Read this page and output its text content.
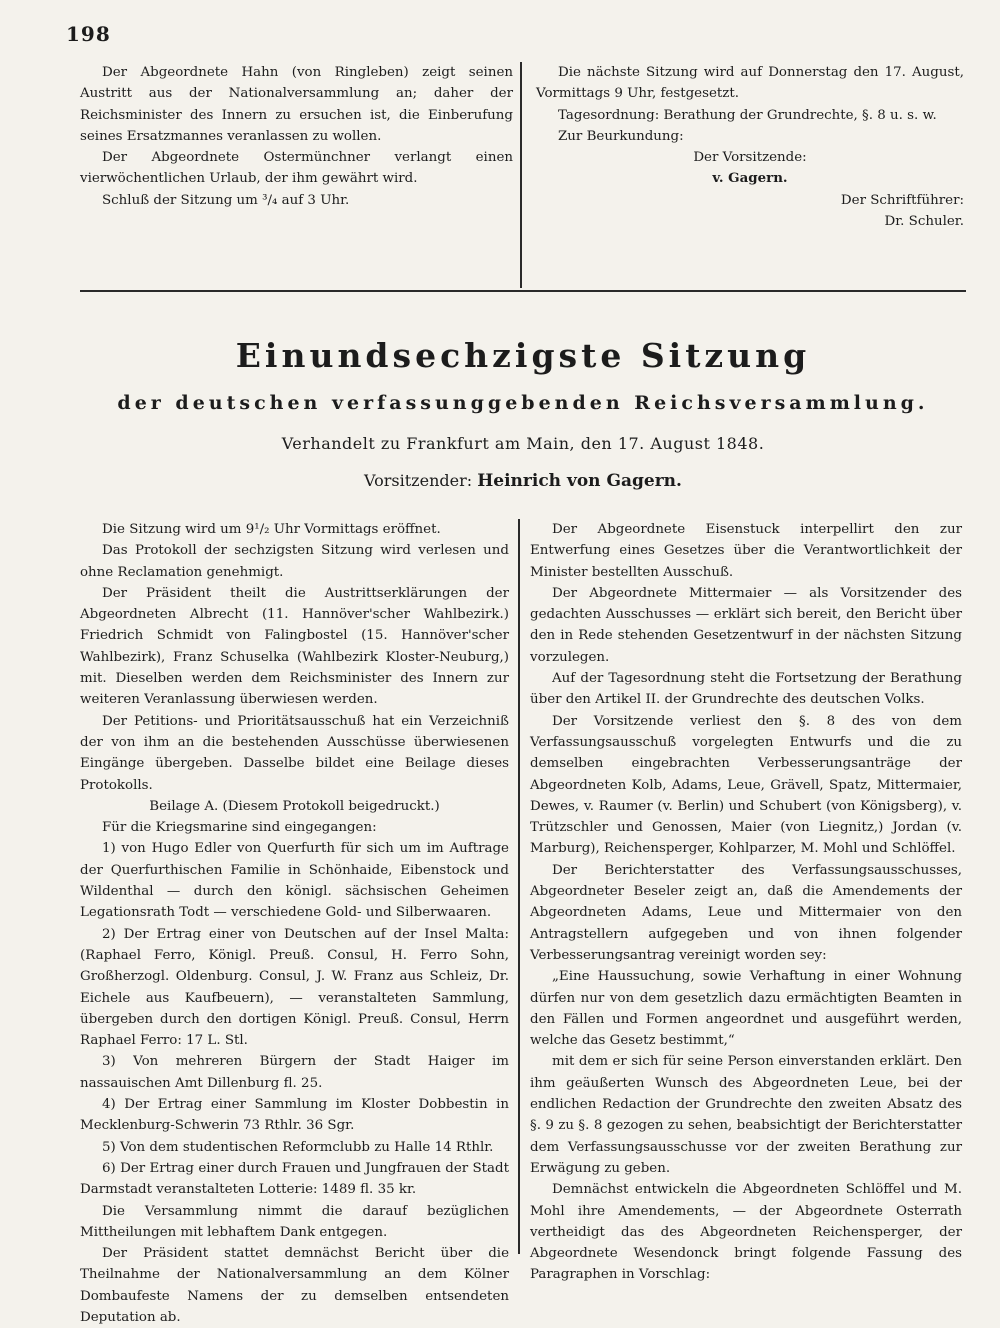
198

Der Abgeordnete Hahn (von Ringleben) zeigt seinen Austritt aus der Nationalversammlung an; daher der Reichsminister des Innern zu ersuchen ist, die Einberufung seines Ersatzmannes veranlassen zu wollen.

Der Abgeordnete Ostermünchner verlangt einen vierwöchentlichen Urlaub, der ihm gewährt wird.

Schluß der Sitzung um ³/₄ auf 3 Uhr.

Die nächste Sitzung wird auf Donnerstag den 17. August, Vormittags 9 Uhr, festgesetzt.

Tagesordnung: Berathung der Grundrechte, §. 8 u. s. w.

Zur Beurkundung:

Der Vorsitzende:

v. Gagern.

Der Schriftführer:

Dr. Schuler.

Einundsechzigste Sitzung
der deutschen verfassunggebenden Reichsversammlung.
Verhandelt zu Frankfurt am Main, den 17. August 1848.
Vorsitzender: Heinrich von Gagern.

Die Sitzung wird um 9¹/₂ Uhr Vormittags eröffnet.

Das Protokoll der sechzigsten Sitzung wird verlesen und ohne Reclamation genehmigt.

Der Präsident theilt die Austrittserklärungen der Abgeordneten Albrecht (11. Hannöver'scher Wahlbezirk.) Friedrich Schmidt von Falingbostel (15. Hannöver'scher Wahlbezirk), Franz Schuselka (Wahlbezirk Kloster-Neuburg,) mit. Dieselben werden dem Reichsminister des Innern zur weiteren Veranlassung überwiesen werden.

Der Petitions- und Prioritätsausschuß hat ein Verzeichniß der von ihm an die bestehenden Ausschüsse überwiesenen Eingänge übergeben. Dasselbe bildet eine Beilage dieses Protokolls.

Beilage A. (Diesem Protokoll beigedruckt.)

Für die Kriegsmarine sind eingegangen:

1) von Hugo Edler von Querfurth für sich um im Auftrage der Querfurthischen Familie in Schönhaide, Eibenstock und Wildenthal — durch den königl. sächsischen Geheimen Legationsrath Todt — verschiedene Gold- und Silberwaaren.

2) Der Ertrag einer von Deutschen auf der Insel Malta: (Raphael Ferro, Königl. Preuß. Consul, H. Ferro Sohn, Großherzogl. Oldenburg. Consul, J. W. Franz aus Schleiz, Dr. Eichele aus Kaufbeuern), — veranstalteten Sammlung, übergeben durch den dortigen Königl. Preuß. Consul, Herrn Raphael Ferro: 17 L. Stl.

3) Von mehreren Bürgern der Stadt Haiger im nassauischen Amt Dillenburg fl. 25.

4) Der Ertrag einer Sammlung im Kloster Dobbestin in Mecklenburg-Schwerin 73 Rthlr. 36 Sgr.

5) Von dem studentischen Reformclubb zu Halle 14 Rthlr.

6) Der Ertrag einer durch Frauen und Jungfrauen der Stadt Darmstadt veranstalteten Lotterie: 1489 fl. 35 kr.

Die Versammlung nimmt die darauf bezüglichen Mittheilungen mit lebhaftem Dank entgegen.

Der Präsident stattet demnächst Bericht über die Theilnahme der Nationalversammlung an dem Kölner Dombaufeste Namens der zu demselben entsendeten Deputation ab.

Der Abgeordnete Eisenstuck interpellirt den zur Entwerfung eines Gesetzes über die Verantwortlichkeit der Minister bestellten Ausschuß.

Der Abgeordnete Mittermaier — als Vorsitzender des gedachten Ausschusses — erklärt sich bereit, den Bericht über den in Rede stehenden Gesetzentwurf in der nächsten Sitzung vorzulegen.

Auf der Tagesordnung steht die Fortsetzung der Berathung über den Artikel II. der Grundrechte des deutschen Volks.

Der Vorsitzende verliest den §. 8 des von dem Verfassungsausschuß vorgelegten Entwurfs und die zu demselben eingebrachten Verbesserungsanträge der Abgeordneten Kolb, Adams, Leue, Grävell, Spatz, Mittermaier, Dewes, v. Raumer (v. Berlin) und Schubert (von Königsberg), v. Trützschler und Genossen, Maier (von Liegnitz,) Jordan (v. Marburg), Reichensperger, Kohlparzer, M. Mohl und Schlöffel.

Der Berichterstatter des Verfassungsausschusses, Abgeordneter Beseler zeigt an, daß die Amendements der Abgeordneten Adams, Leue und Mittermaier von den Antragstellern aufgegeben und von ihnen folgender Verbesserungsantrag vereinigt worden sey:

„Eine Haussuchung, sowie Verhaftung in einer Wohnung dürfen nur von dem gesetzlich dazu ermächtigten Beamten in den Fällen und Formen angeordnet und ausgeführt werden, welche das Gesetz bestimmt,“

mit dem er sich für seine Person einverstanden erklärt. Den ihm geäußerten Wunsch des Abgeordneten Leue, bei der endlichen Redaction der Grundrechte den zweiten Absatz des §. 9 zu §. 8 gezogen zu sehen, beabsichtigt der Berichterstatter dem Verfassungsausschusse vor der zweiten Berathung zur Erwägung zu geben.

Demnächst entwickeln die Abgeordneten Schlöffel und M. Mohl ihre Amendements, — der Abgeordnete Osterrath vertheidigt das des Abgeordneten Reichensperger, der Abgeordnete Wesendonck bringt folgende Fassung des Paragraphen in Vorschlag:
